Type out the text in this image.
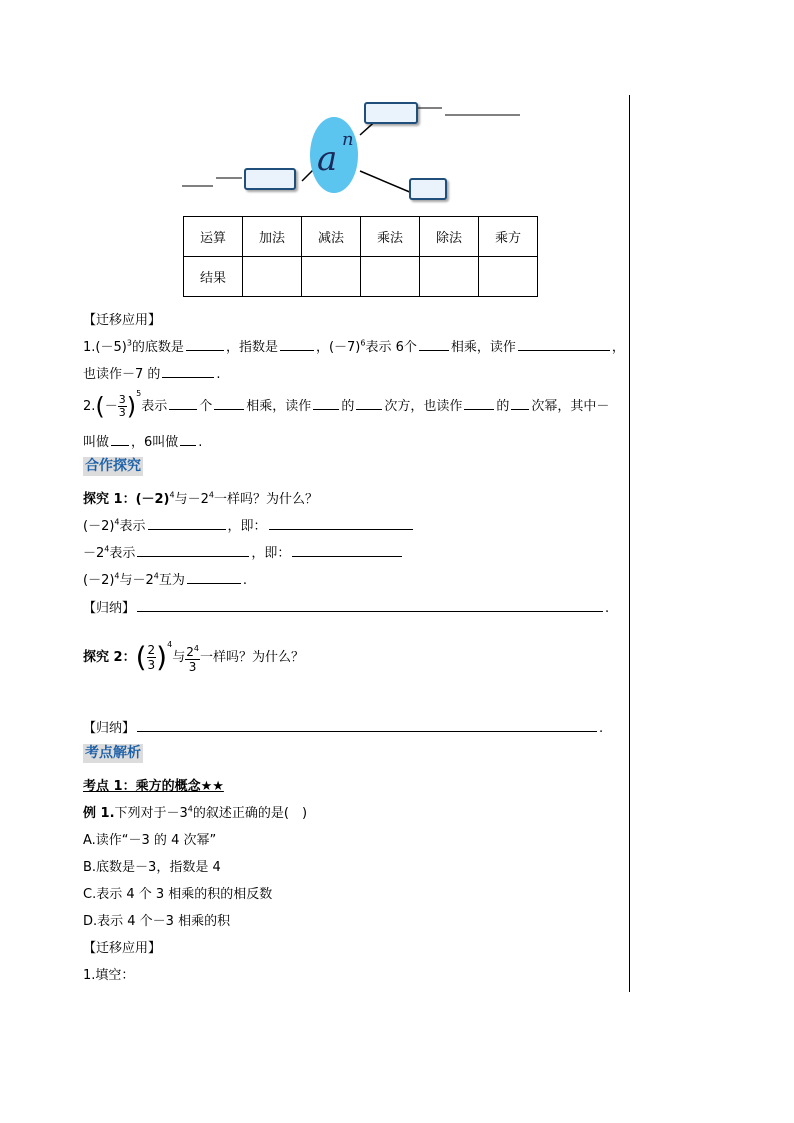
a n
运算	加法	减法	乘法	除法	乘方
结果					
【迁移应用】
$1.(-5)^3$的底数是	，指数是	，$(-7)^6$表示 6个	相乘，读作	，
也读作－7 的	.
$2.(- \frac{3}{3} )^5$表示 个	相乘，读作 的 次方，也读作	的 次幂，其中－
叫做 ，6叫做 .
合作探究
探究 1：$(-2)^4$与$-2^4$一样吗？为什么？
$(-2)^4$表示	，即：
$-2^4$表示	，即：
$(-2)^4$与$-2^4$互为	.
【归纳】	.
探究 2：( $\frac{2}{3} )^4$与 $\frac{2^4}{3}$ 一样吗？为什么？
【归纳】	.
考点解析
考点 1：乘方的概念★★
例 1.下列对于$-3^4$的叙述正确的是(　)
A.读作“－3 的 4 次幂”
B.底数是－3，指数是 4
C.表示 4 个 3 相乘的积的相反数
D.表示 4 个－3 相乘的积
【迁移应用】
1.填空：
